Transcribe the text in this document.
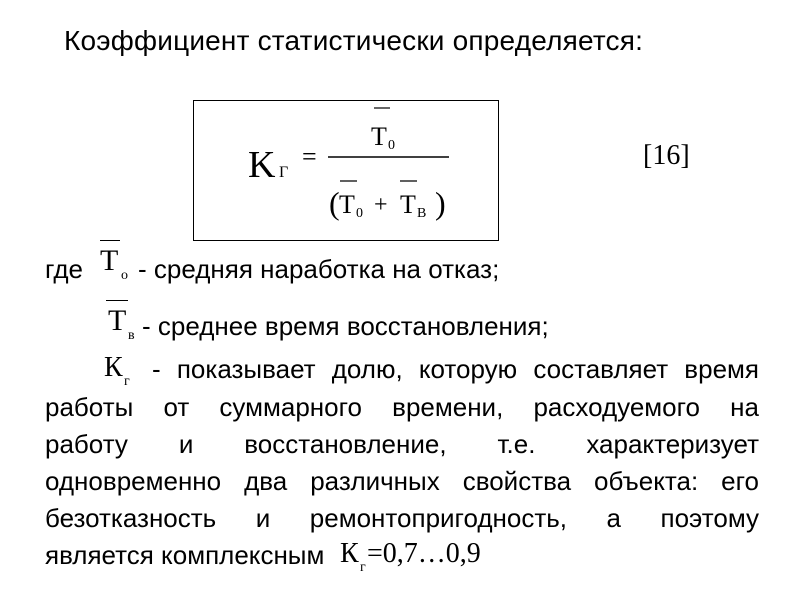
Коэффициент статистически определяется:
K Г
=
T 0
( T 0 + T В )
[16]
где T о - средняя наработка на отказ;
T в - среднее время восстановления;
К г - показывает долю, которую составляет время
работы от суммарного времени, расходуемого на
работу и восстановление, т.е. характеризует
одновременно два различных свойства объекта: его
безотказность и ремонтопригодность, а поэтому
является комплексным К г =0,7…0,9
